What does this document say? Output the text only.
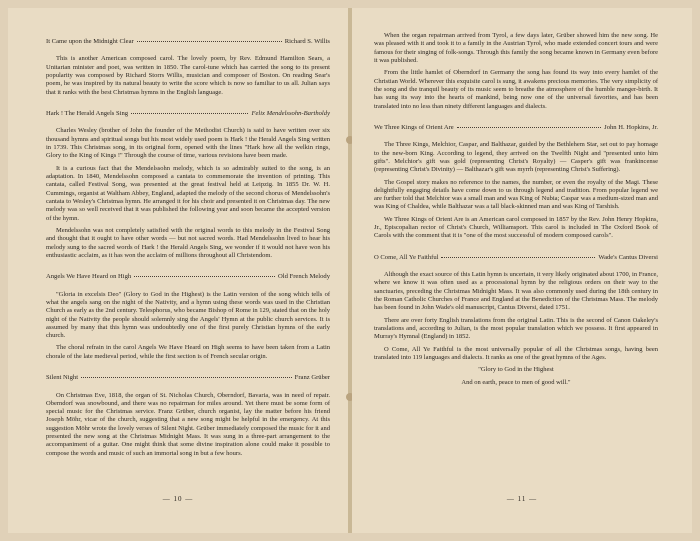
It Came upon the Midnight Clear	Richard S. Willis

This is another American composed carol. The lovely poem, by Rev. Edmund Hamilton Sears, a Unitarian minister and poet, was written in 1850. The carol-tune which has carried the song to its present popularity was composed by Richard Storrs Willis, musician and composer of Boston. On reading Sear's poem, he was inspired by its natural beauty to write the score which is now so familiar to us all. Julian says that it ranks with the best Christmas hymns in the English language.

Hark ! The Herald Angels Sing	Felix Mendelssohn-Bartholdy

Charles Wesley (brother of John the founder of the Methodist Church) is said to have written over six thousand hymns and spiritual songs but his most widely used poem is Hark ! the Herald Angels Sing written in 1739. This Christmas song, in its original form, opened with the lines "Hark how all the welkin rings, Glory to the King of Kings !" Through the course of time, various revisions have been made.

It is a curious fact that the Mendelssohn melody, which is so admirably suited to the song, is an adaptation. In 1840, Mendelssohn composed a cantata to commemorate the invention of printing. This cantata, called Festival Song, was presented at the great festival held at Leipzig. In 1855 Dr. W. H. Cummings, organist at Waltham Abbey, England, adapted the melody of the second chorus of Mendelssohn's cantata to Wesley's Christmas hymn. He arranged it for his choir and presented it on Christmas day. The new melody was so well received that it was published the following year and soon became the accepted version of the hymn.

Mendelssohn was not completely satisfied with the original words to this melody in the Festival Song and thought that it ought to have other words — but not sacred words. Had Mendelssohn lived to hear his melody sung to the sacred words of Hark ! the Herald Angels Sing, we wonder if it would not have won his enthusiastic acclaim, as it has won the acclaim of millions throughout all Christendom.

Angels We Have Heard on High	Old French Melody

"Gloria in excelsis Deo" (Glory to God in the Highest) is the Latin version of the song which tells of what the angels sang on the night of the Nativity, and a hymn using these words was used in the Christian Church as early as the 2nd century. Telesphorus, who became Bishop of Rome in 129, stated that on the holy night of the Nativity the people should solemnly sing the Angels' Hymn at the public church services. It is assumed by many that this hymn was undoubtedly one of the first purely Christian hymns of the early church.

The choral refrain in the carol Angels We Have Heard on High seems to have been taken from a Latin chorale of the late medieval period, while the first section is of French secular origin.

Silent Night	Franz Grüber

On Christmas Eve, 1818, the organ of St. Nicholas Church, Oberndorf, Bavaria, was in need of repair. Oberndorf was snowbound, and there was no repairman for miles around. Yet there must be some form of special music for the Christmas service. Franz Grüber, church organist, lay the matter before his friend Joseph Möhr, vicar of the church, suggesting that a new song might be helpful in the emergency. At this suggestion Möhr wrote the lovely verses of Silent Night. Grüber immediately composed the music for it and presented the new song at the Christmas Midnight Mass. It was sung in a three-part arrangement to the accompaniment of a guitar. One might think that some divine inspiration alone could make it possible to compose the words and music of such an immortal song in but a few hours.

— 10 —

When the organ repairman arrived from Tyrol, a few days later, Grüber showed him the new song. He was pleased with it and took it to a family in the Austrian Tyrol, who made extended concert tours and were famous for their singing of folk-songs. Through this family the song became known in Germany even before it was published.

From the little hamlet of Oberndorf in Germany the song has found its way into every hamlet of the Christian World. Wherever this exquisite carol is sung, it awakens precious memories. The very simplicity of the song and the tranquil beauty of its music seem to breathe the atmosphere of the humble manger-birth. It has sung its way into the hearts of mankind, being now one of the universal favorites, and has been translated into no less than ninety different languages and dialects.

We Three Kings of Orient Are	John H. Hopkins, Jr.

The Three Kings, Melchior, Caspar, and Balthazar, guided by the Bethlehem Star, set out to pay homage to the new-born King. According to legend, they arrived on the Twelfth Night and "presented unto him gifts". Melchior's gift was gold (representing Christ's Royalty) — Casper's gift was frankincense (representing Christ's Divinity) — Balthazar's gift was myrrh (representing Christ's Suffering).

The Gospel story makes no reference to the names, the number, or even the royalty of the Magi. These delightfully engaging details have come down to us through legend and tradition. From popular legend we are further told that Melchior was a small man and was King of Nubia; Caspar was a medium-sized man and was King of Chaldea, while Balthazar was a tall black-skinned man and was King of Tarshish.

We Three Kings of Orient Are is an American carol composed in 1857 by the Rev. John Henry Hopkins, Jr., Episcopalian rector of Christ's Church, Williamsport. This carol is included in The Oxford Book of Carols with the comment that it is "one of the most successful of modern composed carols".

O Come, All Ye Faithful	Wade's Cantus Diversi

Although the exact source of this Latin hymn is uncertain, it very likely originated about 1700, in France, where we know it was often used as a processional hymn by the religious orders on their way to the sanctuaries, preceding the Christmas Midnight Mass. It was also commonly used during the 18th century in the Roman Catholic Churches of France and England at the Benediction of the Christmas Mass. The melody has been found in John Wade's old manuscript, Cantus Diversi, dated 1751.

There are over forty English translations from the original Latin. This is the second of Canon Oakeley's translations and, according to Julian, is the most popular translation which we possess. It first appeared in Murray's Hymnal (England) in 1852.

O Come, All Ye Faithful is the most universally popular of all the Christmas songs, having been translated into 119 languages and dialects. It ranks as one of the great hymns of the Ages.

"Glory to God in the Highest

And on earth, peace to men of good will."

— 11 —
